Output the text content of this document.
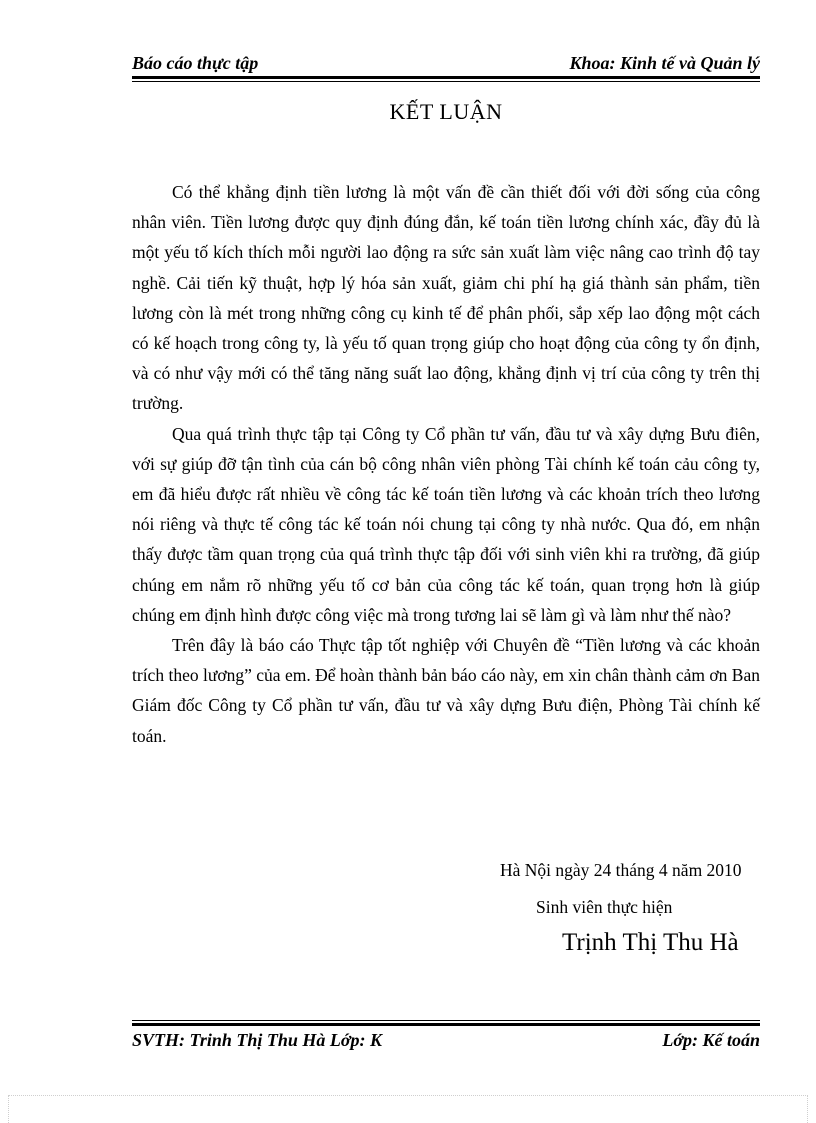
Báo cáo thực tập	Khoa: Kinh tế và Quản lý
KẾT LUẬN

Có thể khẳng định tiền lương là một vấn đề cần thiết đối với đời sống của công nhân viên. Tiền lương được quy định đúng đắn, kế toán tiền lương chính xác, đầy đủ là một yếu tố kích thích mỗi người lao động ra sức sản xuất làm việc nâng cao trình độ tay nghề. Cải tiến kỹ thuật, hợp lý hóa sản xuất, giảm chi phí hạ giá thành sản phẩm, tiền lương còn là mét trong những công cụ kinh tế để phân phối, sắp xếp lao động một cách có kế hoạch trong công ty, là yếu tố quan trọng giúp cho hoạt động của công ty ổn định, và có như vậy mới có thể tăng năng suất lao động, khẳng định vị trí của công ty trên thị trường.

Qua quá trình thực tập tại Công ty Cổ phần tư vấn, đầu tư và xây dựng Bưu điên, với sự giúp đỡ tận tình của cán bộ công nhân viên phòng Tài chính kế toán cảu công ty, em đã hiểu được rất nhiều về công tác kế toán tiền lương và các khoản trích theo lương nói riêng và thực tế công tác kế toán nói chung tại công ty nhà nước. Qua đó, em nhận thấy được tầm quan trọng của quá trình thực tập đối với sinh viên khi ra trường, đã giúp chúng em nắm rõ những yếu tố cơ bản của công tác kế toán, quan trọng hơn là giúp chúng em định hình được công việc mà trong tương lai sẽ làm gì và làm như thế nào?

Trên đây là báo cáo Thực tập tốt nghiệp với Chuyên đề “Tiền lương và các khoản trích theo lương” của em. Để hoàn thành bản báo cáo này, em xin chân thành cảm ơn Ban Giám đốc Công ty Cổ phần tư vấn, đầu tư và xây dựng Bưu điện, Phòng Tài chính kế toán.

Hà Nội ngày 24 tháng 4 năm 2010
Sinh viên thực hiện
Trịnh Thị Thu Hà
SVTH: Trinh Thị Thu Hà Lớp: K	Lớp: Kế toán
